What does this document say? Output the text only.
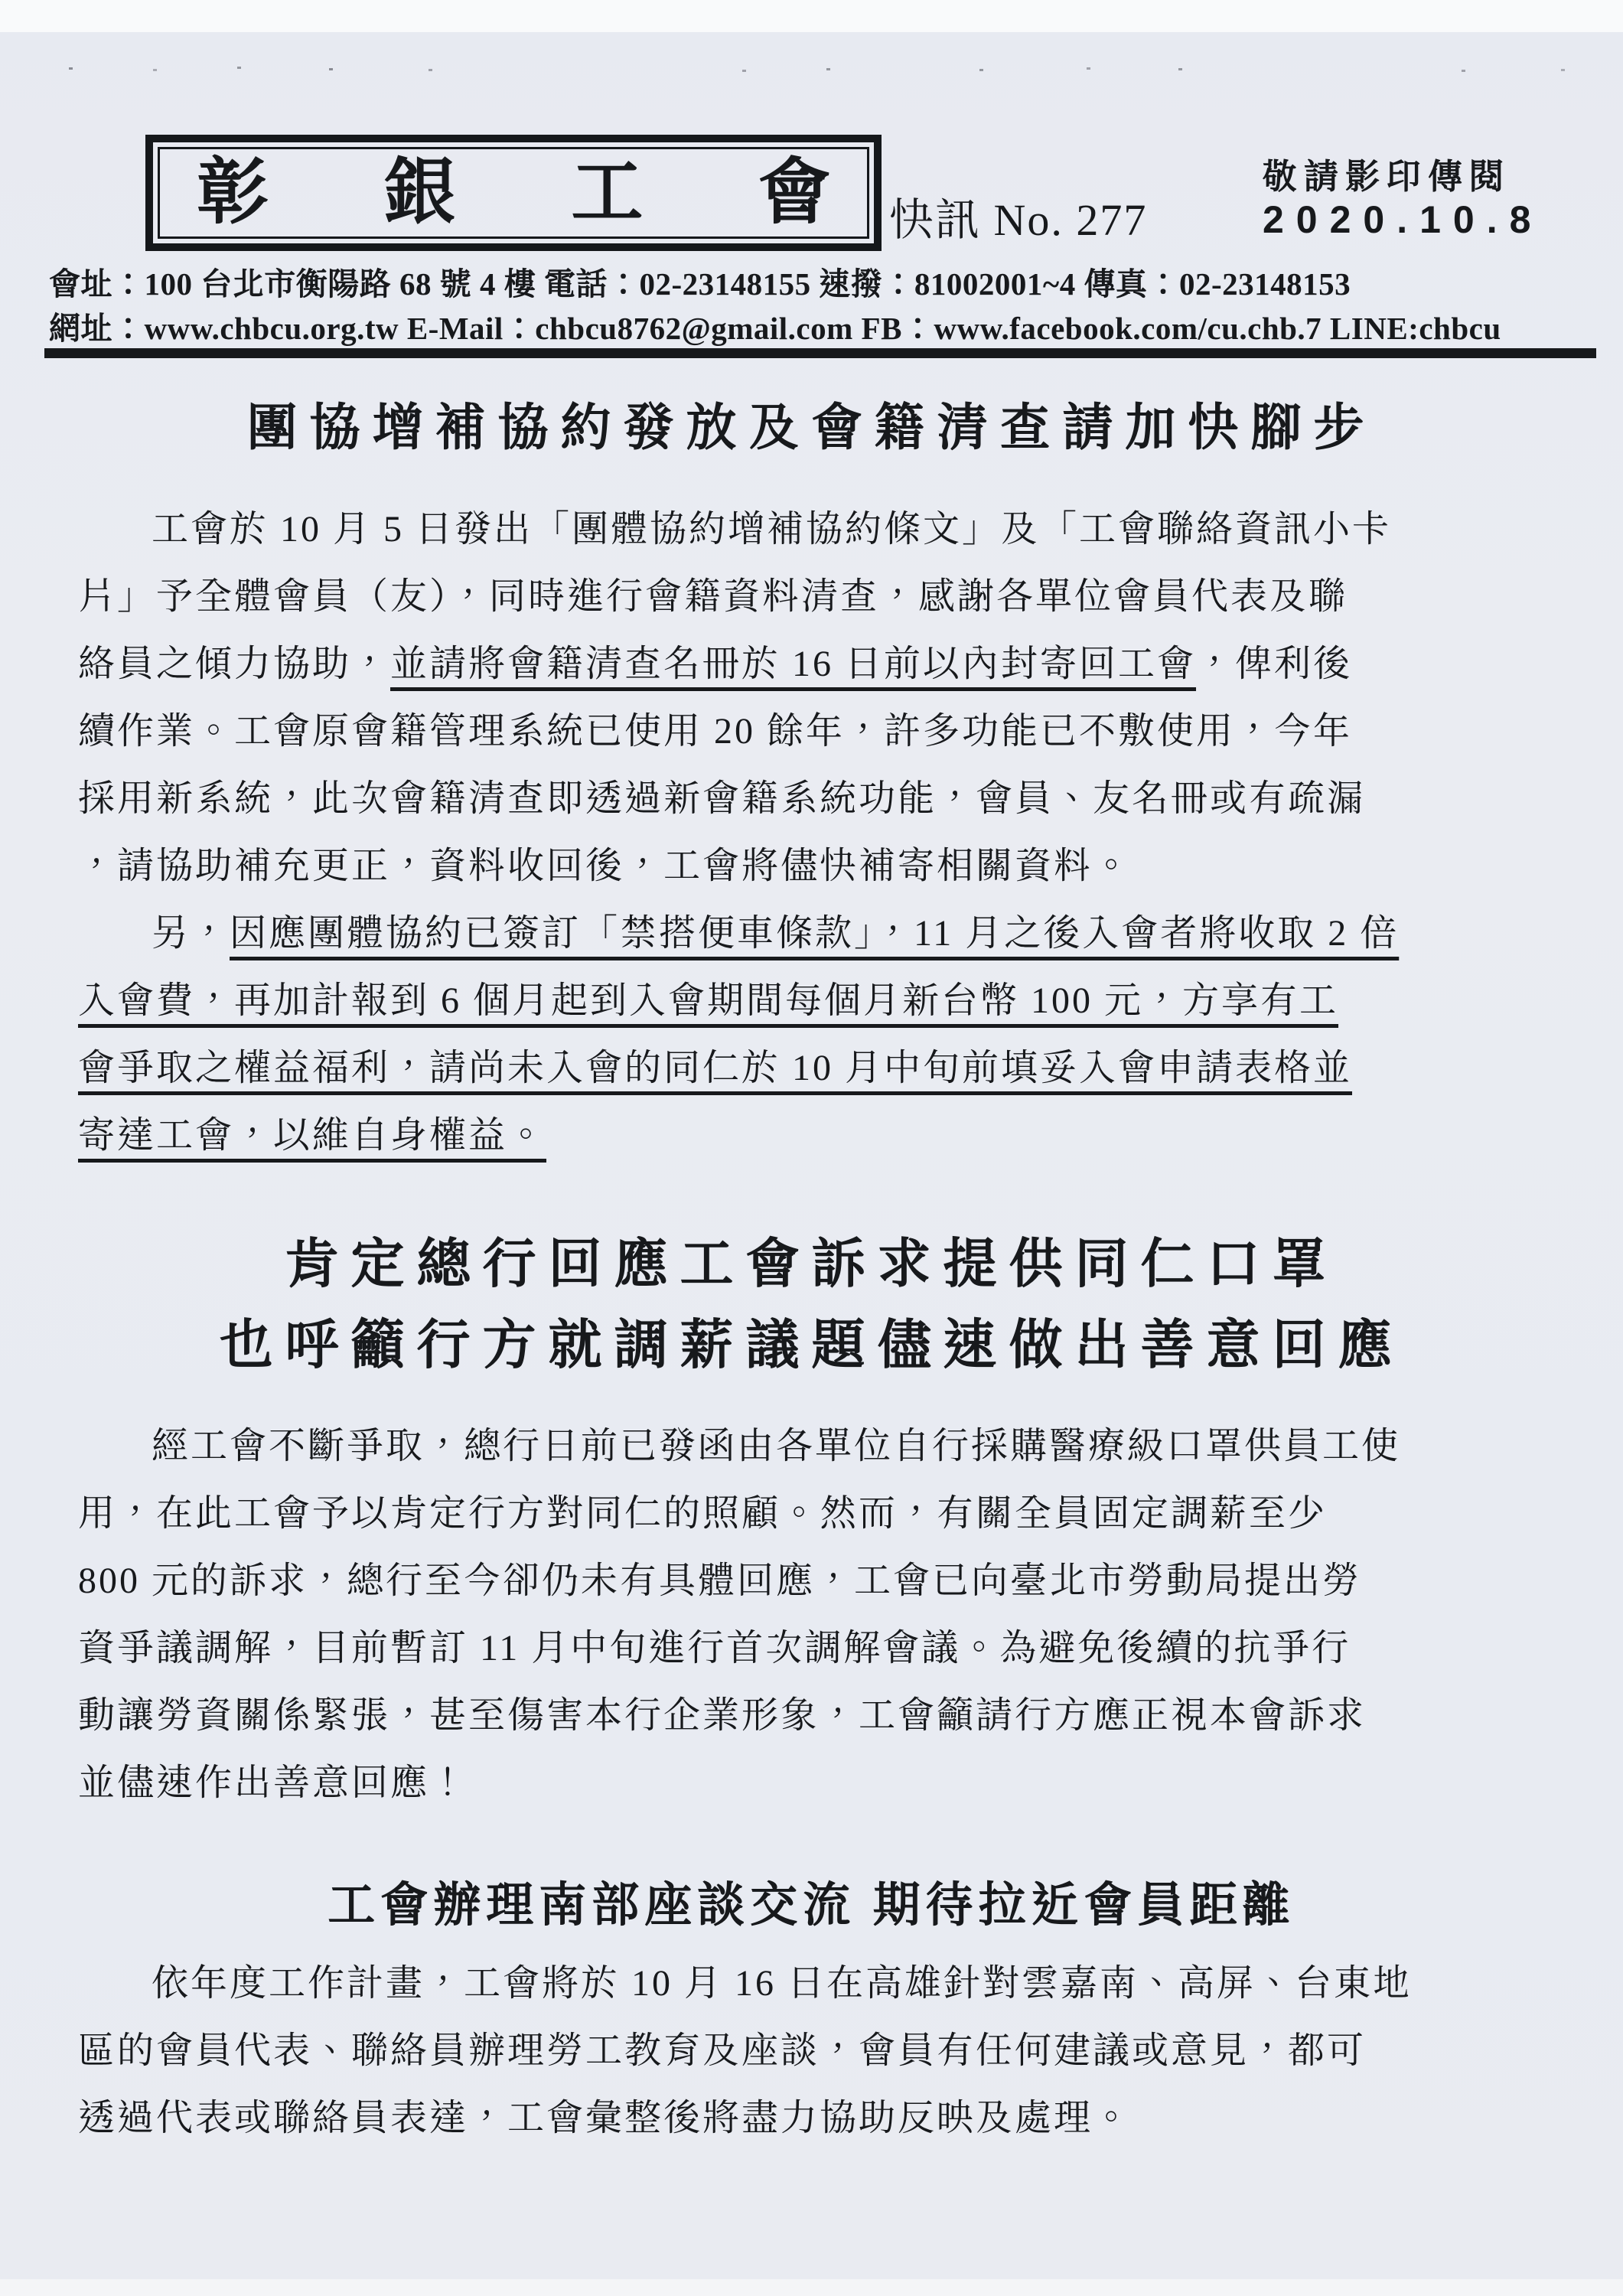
彰 銀 工 會 快訊 No. 277
敬請影印傳閱
2020.10.8
會址：100 台北市衡陽路 68 號 4 樓 電話：02-23148155 速撥：81002001~4 傳真：02-23148153
網址：www.chbcu.org.tw E-Mail：chbcu8762@gmail.com FB：www.facebook.com/cu.chb.7 LINE:chbcu
團協增補協約發放及會籍清查請加快腳步
工會於 10 月 5 日發出「團體協約增補協約條文」及「工會聯絡資訊小卡
片」予全體會員（友），同時進行會籍資料清查，感謝各單位會員代表及聯
絡員之傾力協助，並請將會籍清查名冊於 16 日前以內封寄回工會，俾利後
續作業。工會原會籍管理系統已使用 20 餘年，許多功能已不敷使用，今年
採用新系統，此次會籍清查即透過新會籍系統功能，會員、友名冊或有疏漏
，請協助補充更正，資料收回後，工會將儘快補寄相關資料。
另，因應團體協約已簽訂「禁搭便車條款」，11 月之後入會者將收取 2 倍
入會費，再加計報到 6 個月起到入會期間每個月新台幣 100 元，方享有工
會爭取之權益福利，請尚未入會的同仁於 10 月中旬前填妥入會申請表格並
寄達工會，以維自身權益。
肯定總行回應工會訴求提供同仁口罩
也呼籲行方就調薪議題儘速做出善意回應
經工會不斷爭取，總行日前已發函由各單位自行採購醫療級口罩供員工使
用，在此工會予以肯定行方對同仁的照顧。然而，有關全員固定調薪至少
800 元的訴求，總行至今卻仍未有具體回應，工會已向臺北市勞動局提出勞
資爭議調解，目前暫訂 11 月中旬進行首次調解會議。為避免後續的抗爭行
動讓勞資關係緊張，甚至傷害本行企業形象，工會籲請行方應正視本會訴求
並儘速作出善意回應！
工會辦理南部座談交流 期待拉近會員距離
依年度工作計畫，工會將於 10 月 16 日在高雄針對雲嘉南、高屏、台東地
區的會員代表、聯絡員辦理勞工教育及座談，會員有任何建議或意見，都可
透過代表或聯絡員表達，工會彙整後將盡力協助反映及處理。
